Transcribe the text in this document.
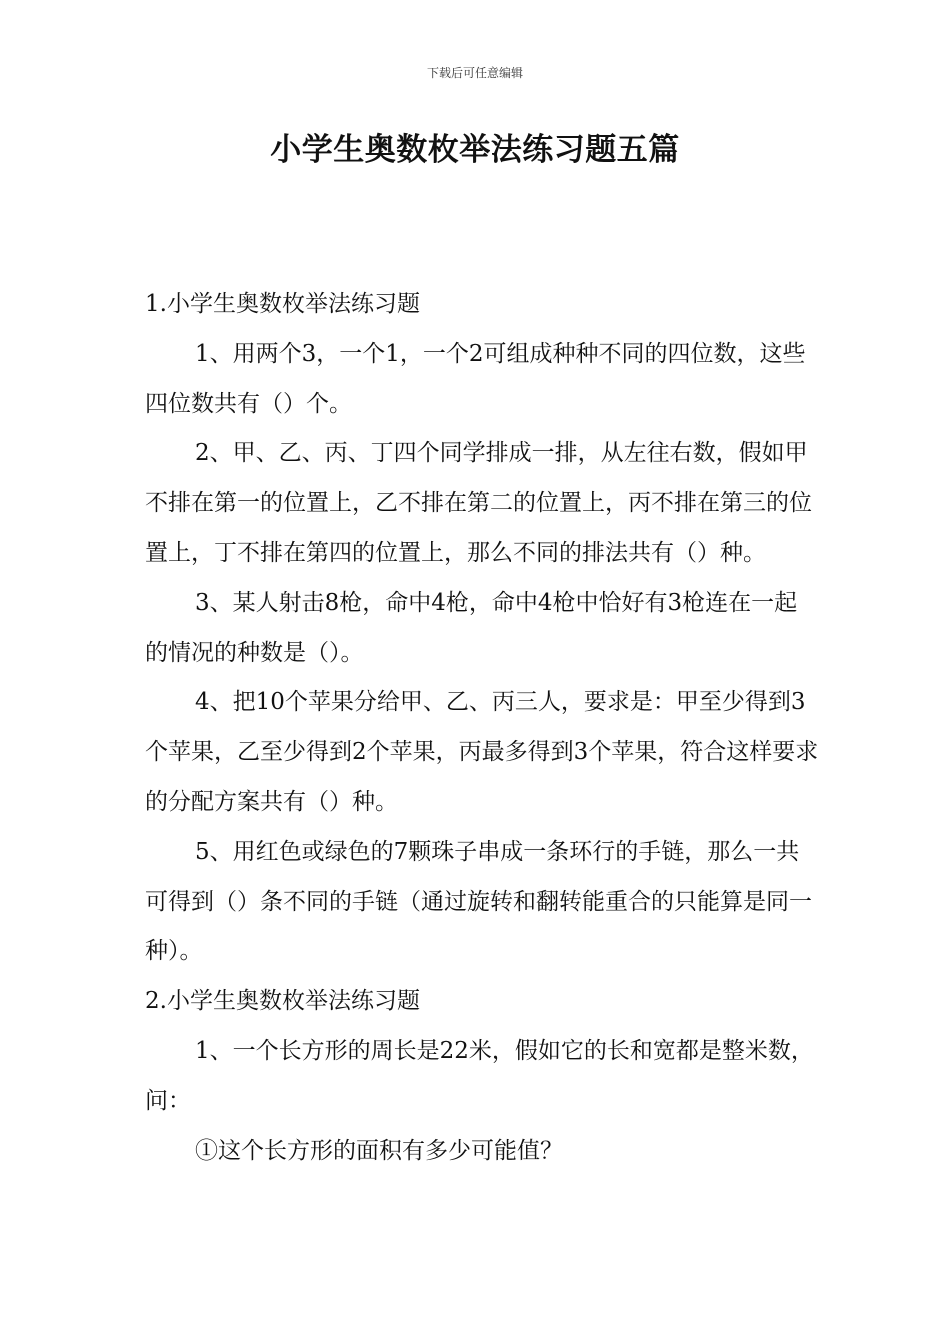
下载后可任意编辑
小学生奥数枚举法练习题五篇

1.小学生奥数枚举法练习题

1、用两个3，一个1，一个2可组成种种不同的四位数，这些四位数共有（）个。

2、甲、乙、丙、丁四个同学排成一排，从左往右数，假如甲不排在第一的位置上，乙不排在第二的位置上，丙不排在第三的位置上，丁不排在第四的位置上，那么不同的排法共有（）种。

3、某人射击8枪，命中4枪，命中4枪中恰好有3枪连在一起的情况的种数是（）。

4、把10个苹果分给甲、乙、丙三人，要求是：甲至少得到3个苹果，乙至少得到2个苹果，丙最多得到3个苹果，符合这样要求的分配方案共有（）种。

5、用红色或绿色的7颗珠子串成一条环行的手链，那么一共可得到（）条不同的手链（通过旋转和翻转能重合的只能算是同一种）。

2.小学生奥数枚举法练习题

1、一个长方形的周长是22米，假如它的长和宽都是整米数，问：

①这个长方形的面积有多少可能值？
